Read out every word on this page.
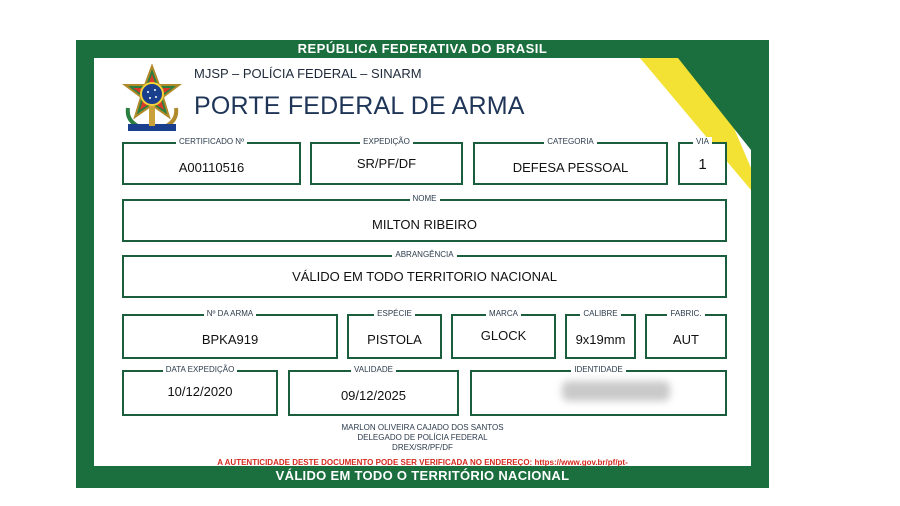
REPÚBLICA FEDERATIVA DO BRASIL
MJSP – POLÍCIA FEDERAL – SINARM
PORTE FEDERAL DE ARMA
CERTIFICADO Nº
A00110516
EXPEDIÇÃO
SR/PF/DF
CATEGORIA
DEFESA PESSOAL
VIA
1
NOME
MILTON RIBEIRO
ABRANGÊNCIA
VÁLIDO EM TODO TERRITORIO NACIONAL
Nº DA ARMA
BPKA919
ESPÉCIE
PISTOLA
MARCA
GLOCK
CALIBRE
9x19mm
FABRIC.
AUT
DATA EXPEDIÇÃO
10/12/2020
VALIDADE
09/12/2025
IDENTIDADE
MARLON OLIVEIRA CAJADO DOS SANTOS
DELEGADO DE POLÍCIA FEDERAL
DREX/SR/PF/DF
A AUTENTICIDADE DESTE DOCUMENTO PODE SER VERIFICADA NO ENDEREÇO: https://www.gov.br/pf/pt-
VÁLIDO EM TODO O TERRITÓRIO NACIONAL
